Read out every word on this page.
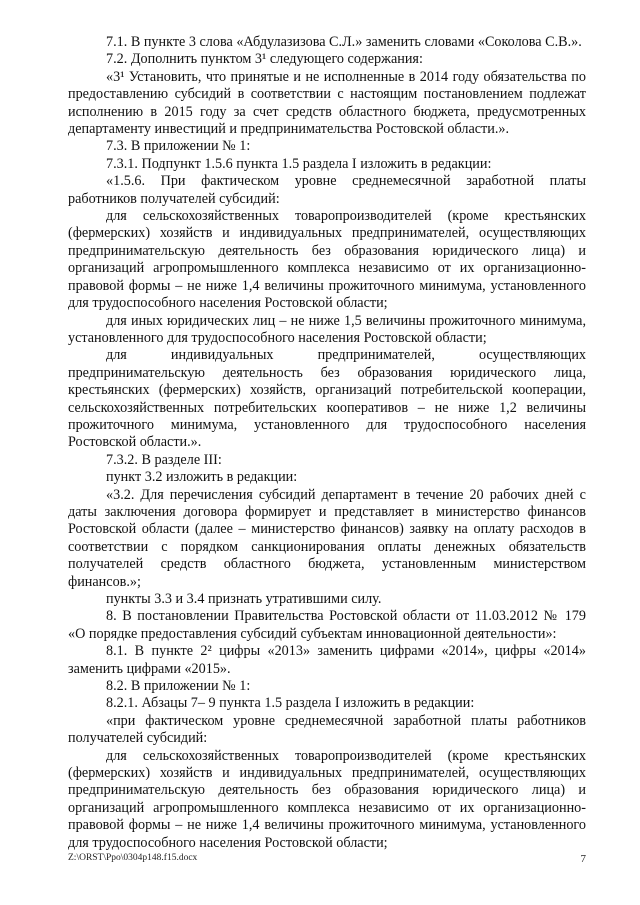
7.1. В пункте 3 слова «Абдулазизова С.Л.» заменить словами «Соколова С.В.».

7.2. Дополнить пунктом 3¹ следующего содержания:

«3¹ Установить, что принятые и не исполненные в 2014 году обязательства по предоставлению субсидий в соответствии с настоящим постановлением подлежат исполнению в 2015 году за счет средств областного бюджета, предусмотренных департаменту инвестиций и предпринимательства Ростовской области.».

7.3. В приложении № 1:

7.3.1. Подпункт 1.5.6 пункта 1.5 раздела I изложить в редакции:

«1.5.6. При фактическом уровне среднемесячной заработной платы работников получателей субсидий:

для сельскохозяйственных товаропроизводителей (кроме крестьянских (фермерских) хозяйств и индивидуальных предпринимателей, осуществляющих предпринимательскую деятельность без образования юридического лица) и организаций агропромышленного комплекса независимо от их организационно-правовой формы – не ниже 1,4 величины прожиточного минимума, установленного для трудоспособного населения Ростовской области;

для иных юридических лиц – не ниже 1,5 величины прожиточного минимума, установленного для трудоспособного населения Ростовской области;

для индивидуальных предпринимателей, осуществляющих предпринимательскую деятельность без образования юридического лица, крестьянских (фермерских) хозяйств, организаций потребительской кооперации, сельскохозяйственных потребительских кооперативов – не ниже 1,2 величины прожиточного минимума, установленного для трудоспособного населения Ростовской области.».

7.3.2. В разделе III:

пункт 3.2 изложить в редакции:

«3.2. Для перечисления субсидий департамент в течение 20 рабочих дней с даты заключения договора формирует и представляет в министерство финансов Ростовской области (далее – министерство финансов) заявку на оплату расходов в соответствии с порядком санкционирования оплаты денежных обязательств получателей средств областного бюджета, установленным министерством финансов.»;

пункты 3.3 и 3.4 признать утратившими силу.

8. В постановлении Правительства Ростовской области от 11.03.2012 № 179 «О порядке предоставления субсидий субъектам инновационной деятельности»:

8.1. В пункте 2² цифры «2013» заменить цифрами «2014», цифры «2014» заменить цифрами «2015».

8.2. В приложении № 1:

8.2.1. Абзацы 7– 9 пункта 1.5 раздела I изложить в редакции:

«при фактическом уровне среднемесячной заработной платы работников получателей субсидий:

для сельскохозяйственных товаропроизводителей (кроме крестьянских (фермерских) хозяйств и индивидуальных предпринимателей, осуществляющих предпринимательскую деятельность без образования юридического лица) и организаций агропромышленного комплекса независимо от их организационно-правовой формы – не ниже 1,4 величины прожиточного минимума, установленного для трудоспособного населения Ростовской области;

Z:\ORST\Ppo\0304p148.f15.docx	7
